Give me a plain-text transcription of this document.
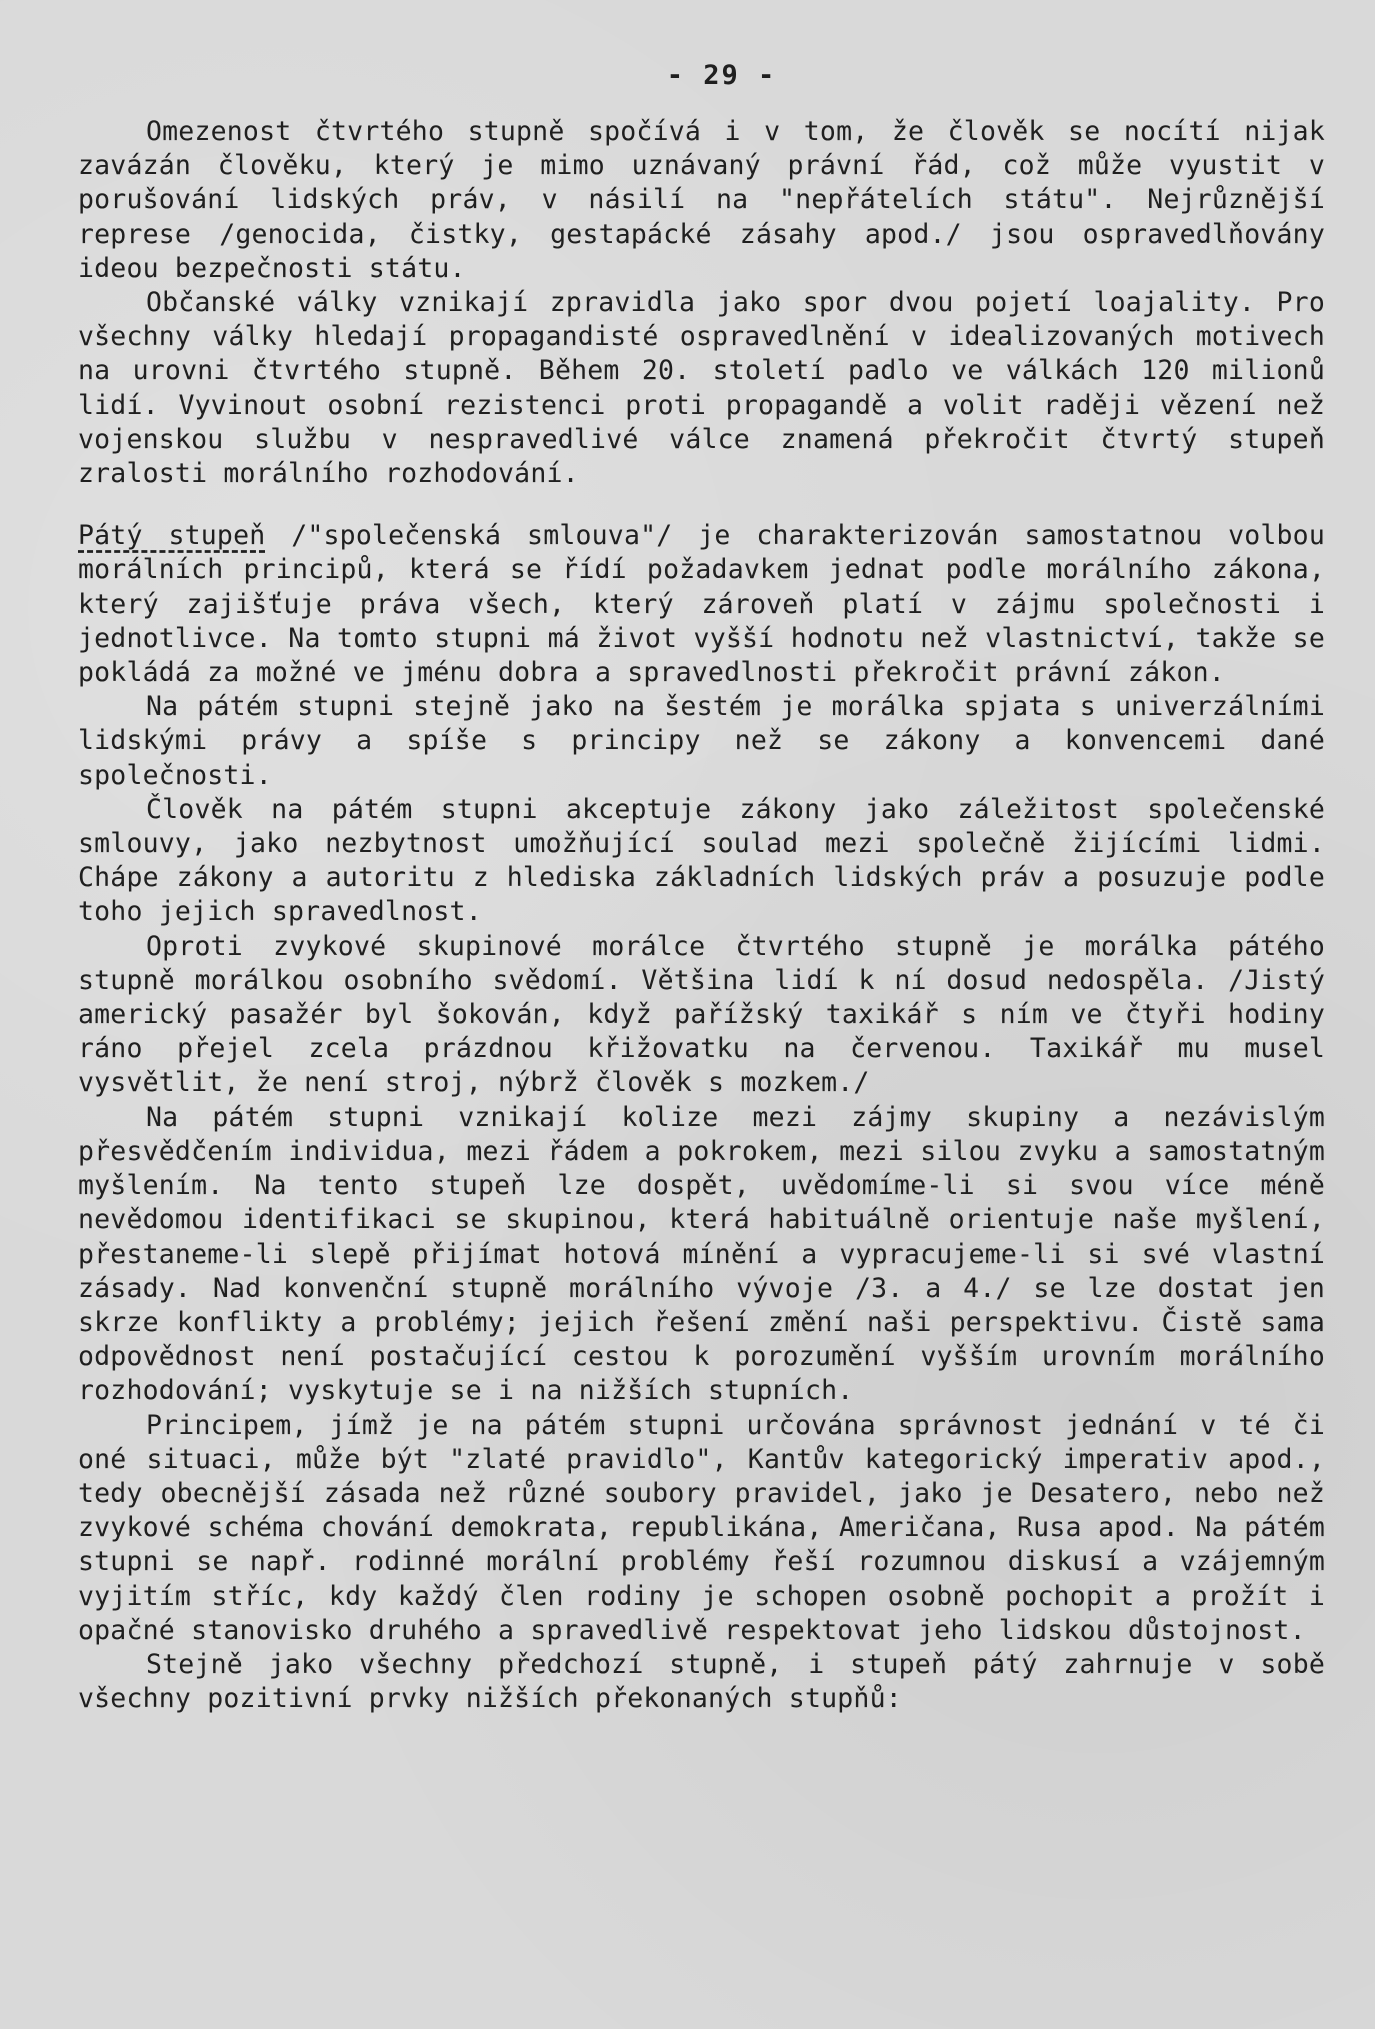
- 29 -

Omezenost čtvrtého stupně spočívá i v tom, že člověk se nocítí nijak zavázán člověku, který je mimo uznávaný právní řád, což může vyustit v porušování lidských práv, v násilí na "nepřátelích státu". Nejrůznější represe /genocida, čistky, gestapácké zásahy apod./ jsou ospravedlňovány ideou bezpečnosti státu.

Občanské války vznikají zpravidla jako spor dvou pojetí loajality. Pro všechny války hledají propagandisté ospravedlnění v idealizovaných motivech na urovni čtvrtého stupně. Během 20. století padlo ve válkách 120 milionů lidí. Vyvinout osobní rezistenci proti propagandě a volit raději vězení než vojenskou službu v nespravedlivé válce znamená překročit čtvrtý stupeň zralosti morálního rozhodování.

Pátý stupeň /"společenská smlouva"/ je charakterizován samostatnou volbou morálních principů, která se řídí požadavkem jednat podle morálního zákona, který zajišťuje práva všech, který zároveň platí v zájmu společnosti i jednotlivce. Na tomto stupni má život vyšší hodnotu než vlastnictví, takže se pokládá za možné ve jménu dobra a spravedlnosti překročit právní zákon.

Na pátém stupni stejně jako na šestém je morálka spjata s univerzálními lidskými právy a spíše s principy než se zákony a konvencemi dané společnosti.

Člověk na pátém stupni akceptuje zákony jako záležitost společenské smlouvy, jako nezbytnost umožňující soulad mezi společně žijícími lidmi. Chápe zákony a autoritu z hlediska základních lidských práv a posuzuje podle toho jejich spravedlnost.

Oproti zvykové skupinové morálce čtvrtého stupně je morálka pátého stupně morálkou osobního svědomí. Většina lidí k ní dosud nedospěla. /Jistý americký pasažér byl šokován, když pařížský taxikář s ním ve čtyři hodiny ráno přejel zcela prázdnou křižovatku na červenou. Taxikář mu musel vysvětlit, že není stroj, nýbrž člověk s mozkem./

Na pátém stupni vznikají kolize mezi zájmy skupiny a nezávislým přesvědčením individua, mezi řádem a pokrokem, mezi silou zvyku a samostatným myšlením. Na tento stupeň lze dospět, uvědomíme-li si svou více méně nevědomou identifikaci se skupinou, která habituálně orientuje naše myšlení, přestaneme-li slepě přijímat hotová mínění a vypracujeme-li si své vlastní zásady. Nad konvenční stupně morálního vývoje /3. a 4./ se lze dostat jen skrze konflikty a problémy; jejich řešení změní naši perspektivu. Čistě sama odpovědnost není postačující cestou k porozumění vyšším urovním morálního rozhodování; vyskytuje se i na nižších stupních.

Principem, jímž je na pátém stupni určována správnost jednání v té či oné situaci, může být "zlaté pravidlo", Kantův kategorický imperativ apod., tedy obecnější zásada než různé soubory pravidel, jako je Desatero, nebo než zvykové schéma chování demokrata, republikána, Američana, Rusa apod. Na pátém stupni se např. rodinné morální problémy řeší rozumnou diskusí a vzájemným vyjitím stříc, kdy každý člen rodiny je schopen osobně pochopit a prožít i opačné stanovisko druhého a spravedlivě respektovat jeho lidskou důstojnost.

Stejně jako všechny předchozí stupně, i stupeň pátý zahrnuje v sobě všechny pozitivní prvky nižších překonaných stupňů:
